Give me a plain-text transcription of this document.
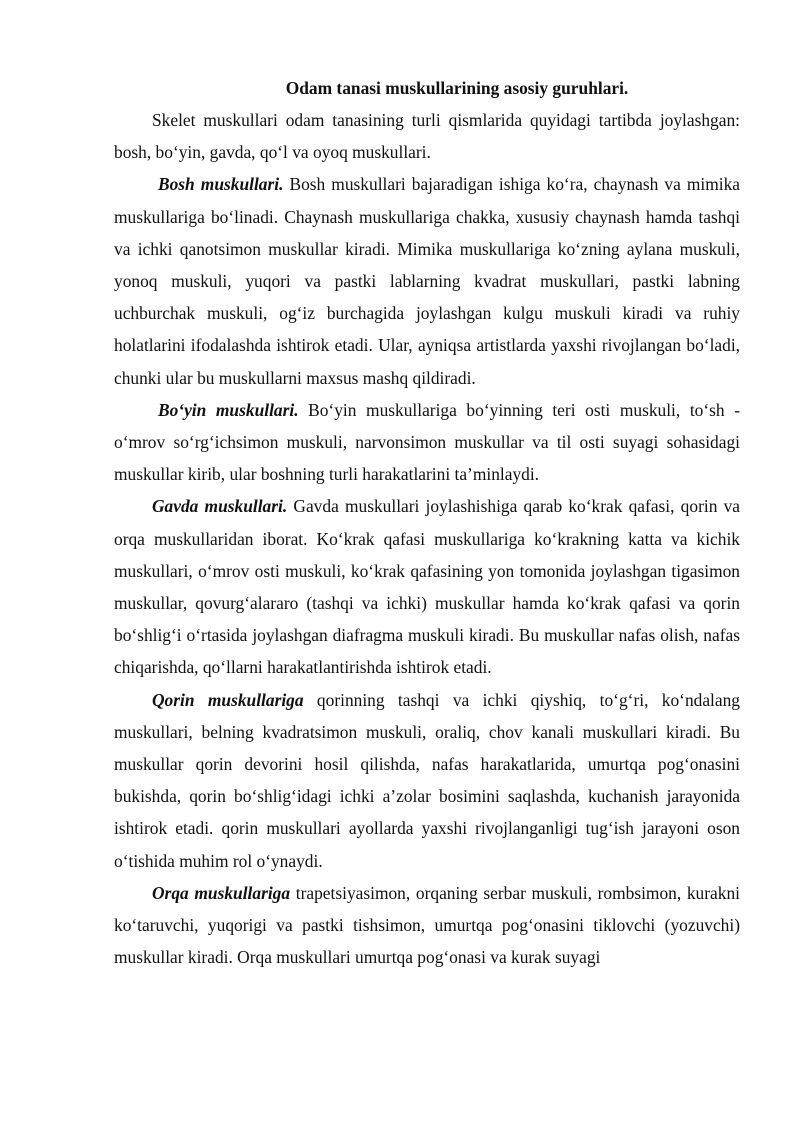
Odam tanasi muskullarining asosiy guruhlari.

Skelet muskullari odam tanasining turli qismlarida quyidagi tartibda joylashgan: bosh, bo‘yin, gavda, qo‘l va oyoq muskullari.

Bosh muskullari. Bosh muskullari bajaradigan ishiga ko‘ra, chaynash va mimika muskullariga bo‘linadi. Chaynash muskullariga chakka, xususiy chaynash hamda tashqi va ichki qanotsimon muskullar kiradi. Mimika muskullariga ko‘zning aylana muskuli, yonoq muskuli, yuqori va pastki lablarning kvadrat muskullari, pastki labning uchburchak muskuli, og‘iz burchagida joylashgan kulgu muskuli kiradi va ruhiy holatlarini ifodalashda ishtirok etadi. Ular, ayniqsa artistlarda yaxshi rivojlangan bo‘ladi, chunki ular bu muskullarni maxsus mashq qildiradi.

Bo‘yin muskullari. Bo‘yin muskullariga bo‘yinning teri osti muskuli, to‘sh - o‘mrov so‘rg‘ichsimon muskuli, narvonsimon muskullar va til osti suyagi sohasidagi muskullar kirib, ular boshning turli harakatlarini ta’minlaydi.

Gavda muskullari. Gavda muskullari joylashishiga qarab ko‘krak qafasi, qorin va orqa muskullaridan iborat. Ko‘krak qafasi muskullariga ko‘krakning katta va kichik muskullari, o‘mrov osti muskuli, ko‘krak qafasining yon tomonida joylashgan tigasimon muskullar, qovurg‘alararo (tashqi va ichki) muskullar hamda ko‘krak qafasi va qorin bo‘shlig‘i o‘rtasida joylashgan diafragma muskuli kiradi. Bu muskullar nafas olish, nafas chiqarishda, qo‘llarni harakatlantirishda ishtirok etadi.

Qorin muskullariga qorinning tashqi va ichki qiyshiq, to‘g‘ri, ko‘ndalang muskullari, belning kvadratsimon muskuli, oraliq, chov kanali muskullari kiradi. Bu muskullar qorin devorini hosil qilishda, nafas harakatlarida, umurtqa pog‘onasini bukishda, qorin bo‘shlig‘idagi ichki a’zolar bosimini saqlashda, kuchanish jarayonida ishtirok etadi. qorin muskullari ayollarda yaxshi rivojlanganligi tug‘ish jarayoni oson o‘tishida muhim rol o‘ynaydi.

Orqa muskullariga trapetsiyasimon, orqaning serbar muskuli, rombsimon, kurakni ko‘taruvchi, yuqorigi va pastki tishsimon, umurtqa pog‘onasini tiklovchi (yozuvchi) muskullar kiradi. Orqa muskullari umurtqa pog‘onasi va kurak suyagi
